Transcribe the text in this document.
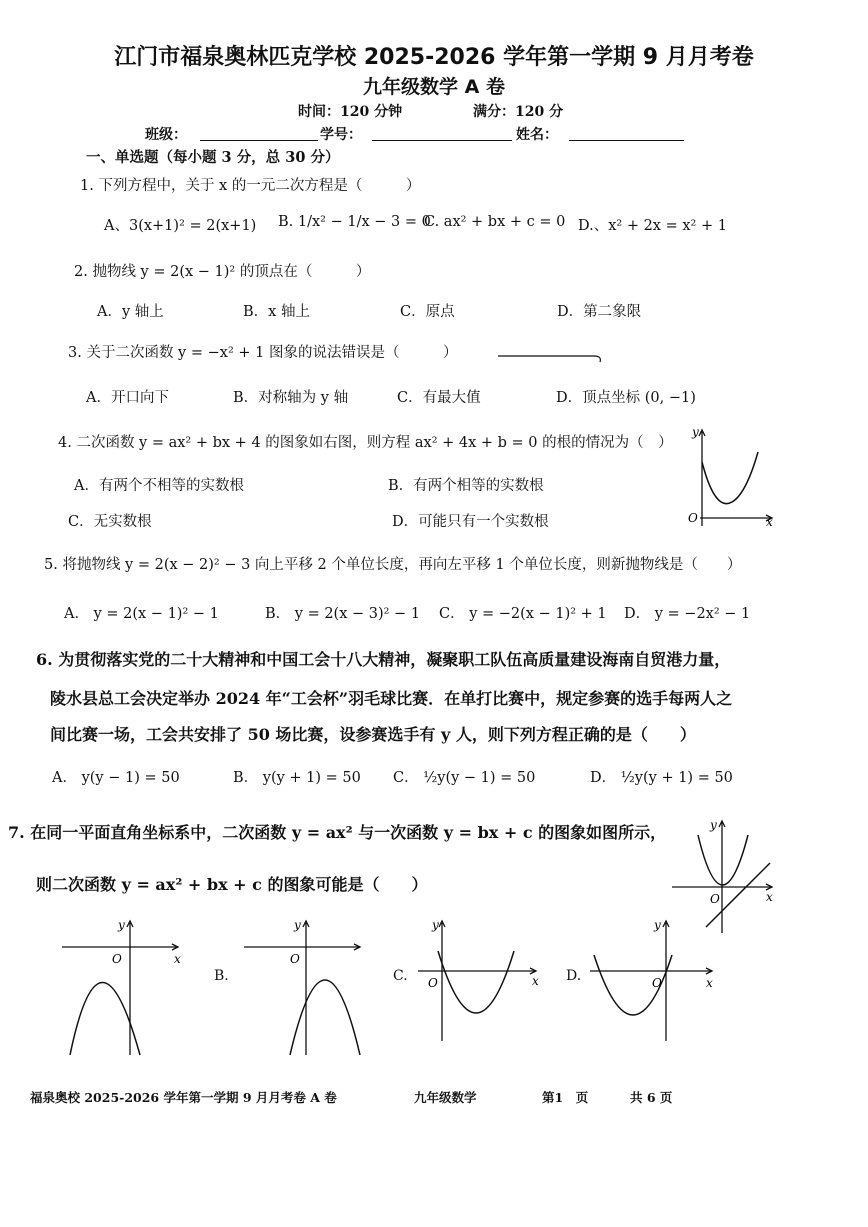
江门市福泉奥林匹克学校 2025-2026 学年第一学期 9 月月考卷
九年级数学 A 卷
时间：120 分钟	满分：120 分
班级：	学号：	姓名：
一、单选题（每小题 3 分，总 30 分）
1. 下列方程中，关于 x 的一元二次方程是（　　　）
A、3(x+1)² = 2(x+1) B. 1/x² − 1/x − 3 = 0
C. ax² + bx + c = 0 D.、x² + 2x = x² + 1
2. 抛物线 y = 2(x − 1)² 的顶点在（　　　）
A．y 轴上	B．x 轴上	C．原点	D．第二象限
3. 关于二次函数 y = −x² + 1 图象的说法错误是（　　　）
A．开口向下	B．对称轴为 y 轴	C．有最大值	D．顶点坐标 (0, −1)
4. 二次函数 y = ax² + bx + 4 的图象如右图，则方程 ax² + 4x + b = 0 的根的情况为（　）
A．有两个不相等的实数根	B．有两个相等的实数根
C．无实数根	D．可能只有一个实数根
y
x
O
5. 将抛物线 y = 2(x − 2)² − 3 向上平移 2 个单位长度，再向左平移 1 个单位长度，则新抛物线是（　　）
A． y = 2(x − 1)² − 1	B． y = 2(x − 3)² − 1 C． y = −2(x − 1)² + 1 D． y = −2x² − 1
6. 为贯彻落实党的二十大精神和中国工会十八大精神，凝聚职工队伍高质量建设海南自贸港力量，
陵水县总工会决定举办 2024 年“工会杯”羽毛球比赛．在单打比赛中，规定参赛的选手每两人之
间比赛一场，工会共安排了 50 场比赛，设参赛选手有 y 人，则下列方程正确的是（　　）
A． y(y − 1) = 50	B． y(y + 1) = 50 C． ½y(y − 1) = 50	D． ½y(y + 1) = 50
7. 在同一平面直角坐标系中，二次函数 y = ax² 与一次函数 y = bx + c 的图象如图所示，
则二次函数 y = ax² + bx + c 的图象可能是（　　）
y
x
O
y
x
O
B.
y
O
C.
y
x
O	D.
y
x
O
福泉奥校 2025-2026 学年第一学期 9 月月考卷 A 卷	九年级数学	第1　页	共 6 页
